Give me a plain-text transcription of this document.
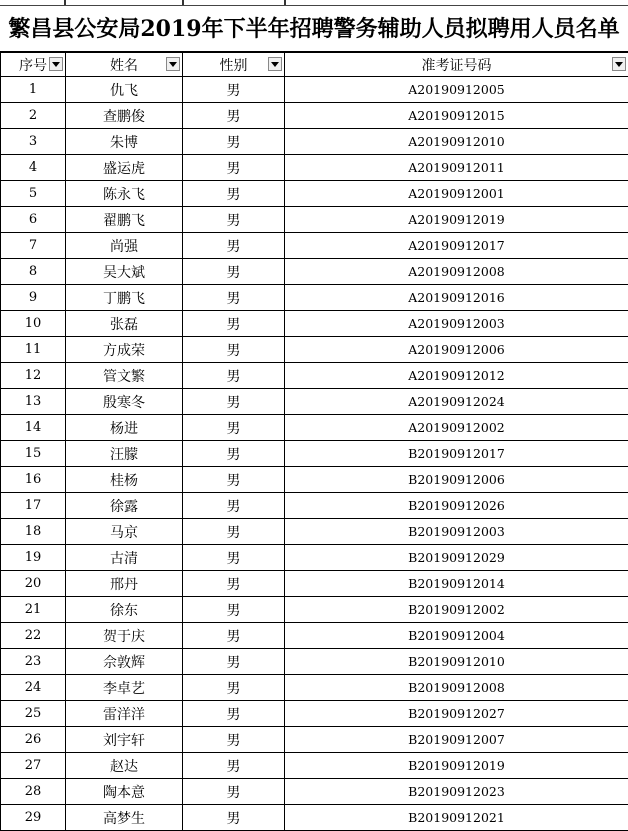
繁昌县公安局2019年下半年招聘警务辅助人员拟聘用人员名单
序号	姓名	性别	准考证号码

1	仇飞	男	A20190912005
2	查鹏俊	男	A20190912015
3	朱博	男	A20190912010
4	盛运虎	男	A20190912011
5	陈永飞	男	A20190912001
6	翟鹏飞	男	A20190912019
7	尚强	男	A20190912017
8	吴大斌	男	A20190912008
9	丁鹏飞	男	A20190912016
10	张磊	男	A20190912003
11	方成荣	男	A20190912006
12	管文繁	男	A20190912012
13	殷寒冬	男	A20190912024
14	杨进	男	A20190912002
15	汪朦	男	B20190912017
16	桂杨	男	B20190912006
17	徐露	男	B20190912026
18	马京	男	B20190912003
19	古清	男	B20190912029
20	邢丹	男	B20190912014
21	徐东	男	B20190912002
22	贺于庆	男	B20190912004
23	佘敦辉	男	B20190912010
24	李卓艺	男	B20190912008
25	雷洋洋	男	B20190912027
26	刘宇轩	男	B20190912007
27	赵达	男	B20190912019
28	陶本意	男	B20190912023
29	高梦生	男	B20190912021
